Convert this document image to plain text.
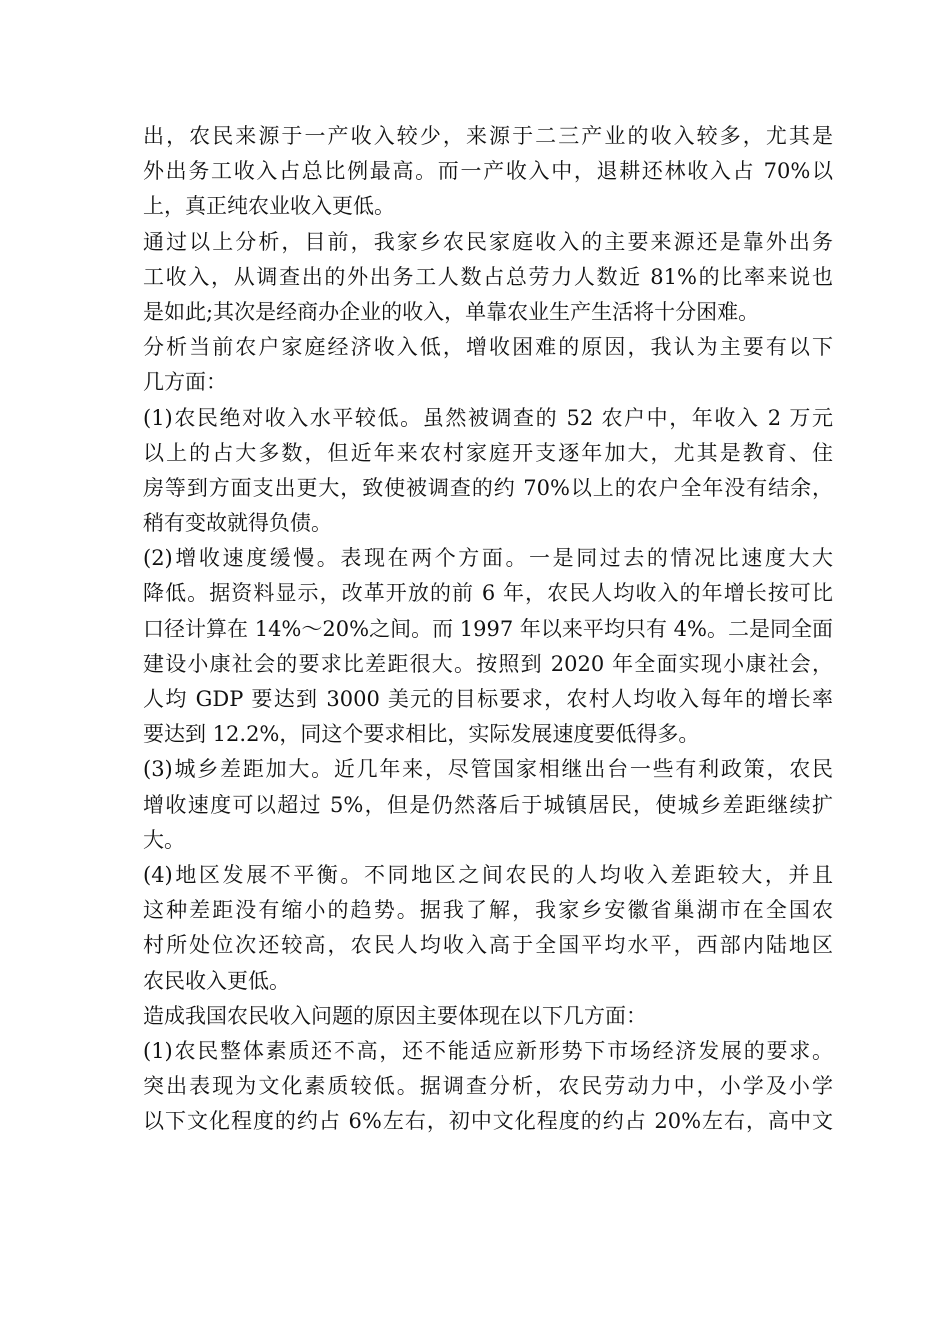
出，农民来源于一产收入较少，来源于二三产业的收入较多，尤其是
外出务工收入占总比例最高。而一产收入中，退耕还林收入占 70%以
上，真正纯农业收入更低。
通过以上分析，目前，我家乡农民家庭收入的主要来源还是靠外出务
工收入，从调查出的外出务工人数占总劳力人数近 81%的比率来说也
是如此;其次是经商办企业的收入，单靠农业生产生活将十分困难。
分析当前农户家庭经济收入低，增收困难的原因，我认为主要有以下
几方面：
(1)农民绝对收入水平较低。虽然被调查的 52 农户中，年收入 2 万元
以上的占大多数，但近年来农村家庭开支逐年加大，尤其是教育、住
房等到方面支出更大，致使被调查的约 70%以上的农户全年没有结余，
稍有变故就得负债。
(2)增收速度缓慢。表现在两个方面。一是同过去的情况比速度大大
降低。据资料显示，改革开放的前 6 年，农民人均收入的年增长按可比
口径计算在 14%～20%之间。而 1997 年以来平均只有 4%。二是同全面
建设小康社会的要求比差距很大。按照到 2020 年全面实现小康社会，
人均 GDP 要达到 3000 美元的目标要求，农村人均收入每年的增长率
要达到 12.2%，同这个要求相比，实际发展速度要低得多。
(3)城乡差距加大。近几年来，尽管国家相继出台一些有利政策，农民
增收速度可以超过 5%，但是仍然落后于城镇居民，使城乡差距继续扩
大。
(4)地区发展不平衡。不同地区之间农民的人均收入差距较大，并且
这种差距没有缩小的趋势。据我了解，我家乡安徽省巢湖市在全国农
村所处位次还较高，农民人均收入高于全国平均水平，西部内陆地区
农民收入更低。
造成我国农民收入问题的原因主要体现在以下几方面：
(1)农民整体素质还不高，还不能适应新形势下市场经济发展的要求。
突出表现为文化素质较低。据调查分析，农民劳动力中，小学及小学
以下文化程度的约占 6%左右，初中文化程度的约占 20%左右，高中文
